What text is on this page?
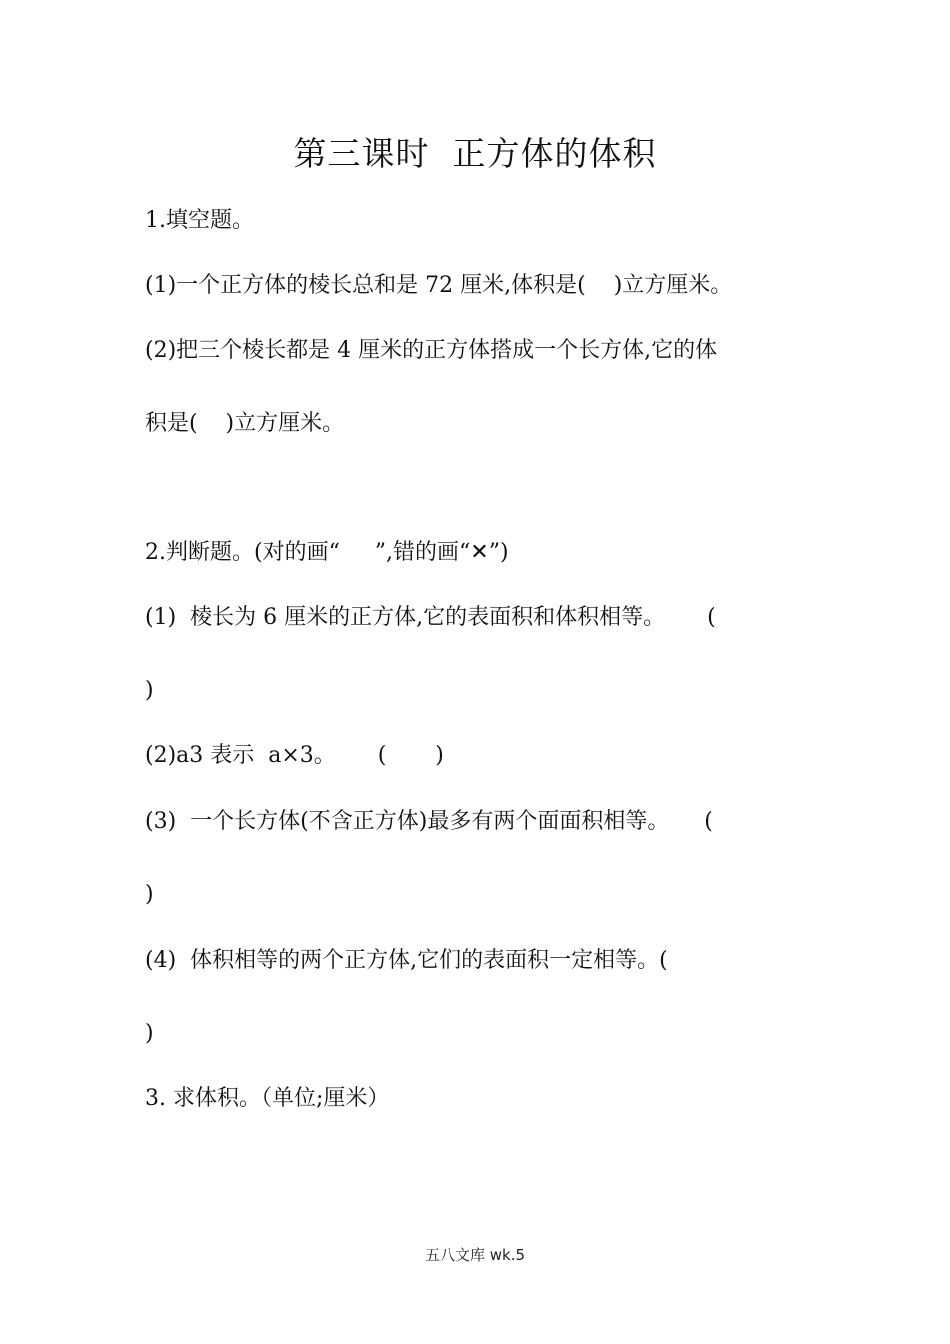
第三课时  正方体的体积
1.填空题。
(1)一个正方体的棱长总和是 72 厘米,体积是(    )立方厘米。
(2)把三个棱长都是 4 厘米的正方体搭成一个长方体,它的体
积是(    )立方厘米。
2.判断题。(对的画“     ”,错的画“✕”)
(1)  棱长为 6 厘米的正方体,它的表面积和体积相等。      (
)
(2)a3 表示  a×3。      (       )
(3)  一个长方体(不含正方体)最多有两个面面积相等。     (
)
(4)  体积相等的两个正方体,它们的表面积一定相等。(
)
3. 求体积。（单位;厘米）
五八文库 wk.5
